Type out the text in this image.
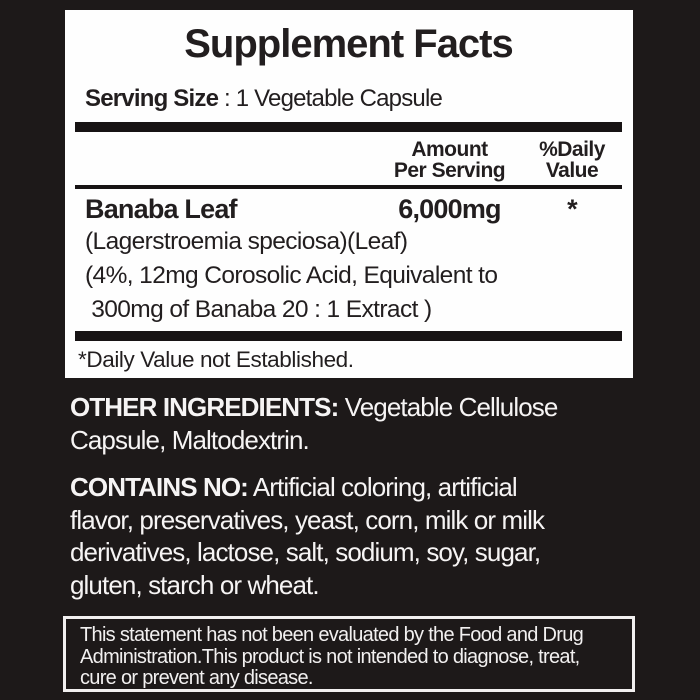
Supplement Facts
Serving Size : 1 Vegetable Capsule
Amount
Per Serving
%Daily
Value
Banaba Leaf	6,000mg	*
(Lagerstroemia speciosa)(Leaf)
(4%, 12mg Corosolic Acid, Equivalent to
300mg of Banaba 20 : 1 Extract )
*Daily Value not Established.
OTHER INGREDIENTS: Vegetable Cellulose
Capsule, Maltodextrin.
CONTAINS NO: Artificial coloring, artificial
flavor, preservatives, yeast, corn, milk or milk
derivatives, lactose, salt, sodium, soy, sugar,
gluten, starch or wheat.
This statement has not been evaluated by the Food and Drug
Administration.This product is not intended to diagnose, treat,
cure or prevent any disease.
